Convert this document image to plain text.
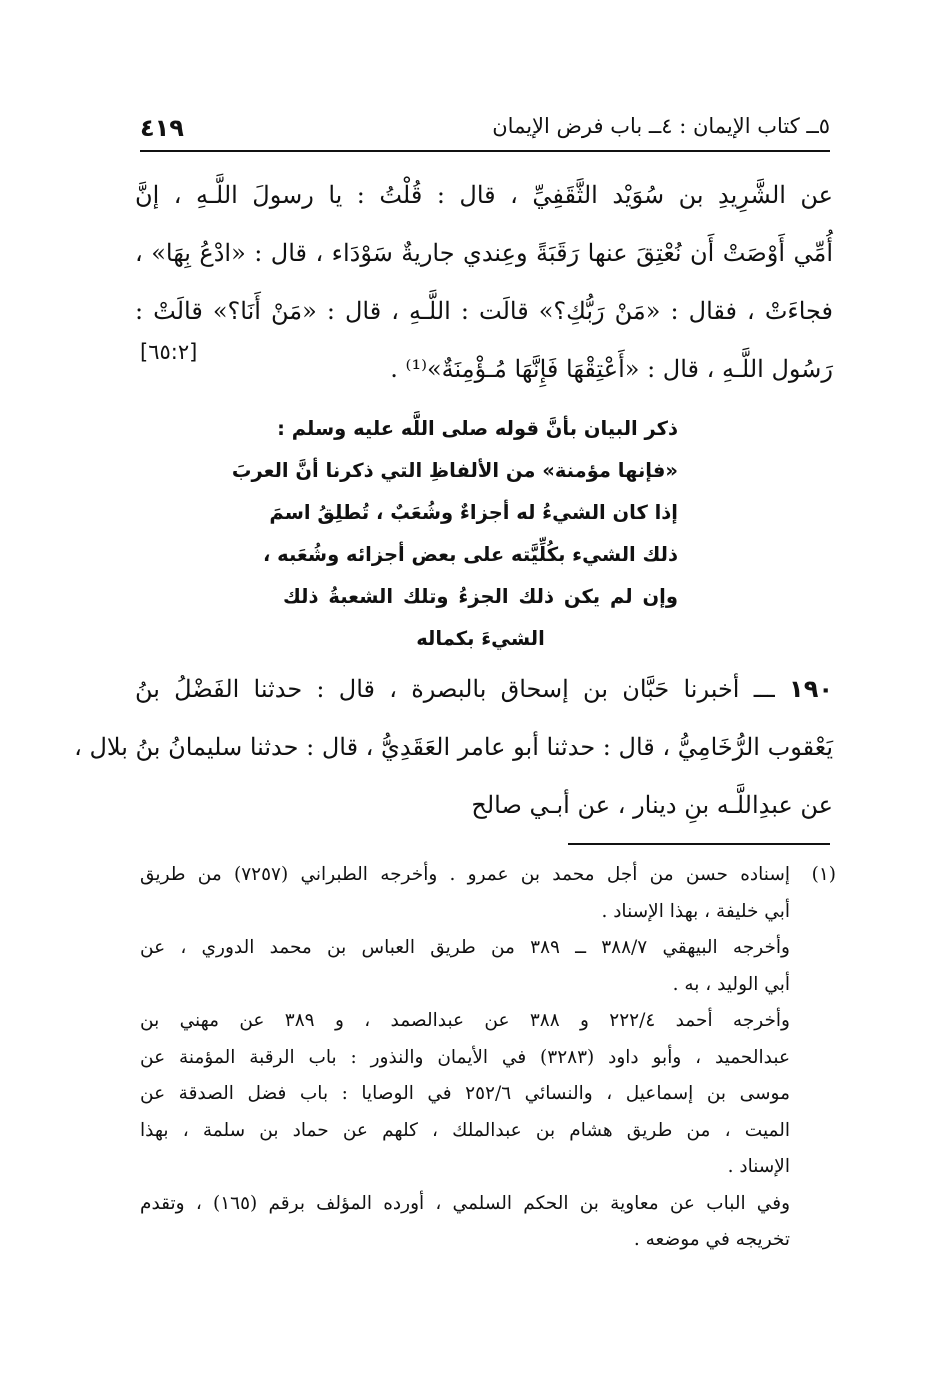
٤١٩	٥ــ كتاب الإيمان : ٤ــ باب فرض الإيمان
عن الشَّرِيدِ بن سُوَيْد الثَّقَفِيِّ ، قال : قُلْتُ : يا رسولَ اللَّـهِ ، إنَّ
أُمِّي أَوْصَتْ أَن نُعْتِقَ عنها رَقَبَةً وعِندي جاريةٌ سَوْدَاء ، قال : «ادْعُ بِهَا» ،
فجاءَتْ ، فقال : «مَنْ رَبُّكِ؟» قالَت : اللَّـهِ ، قال : «مَنْ أَنَا؟» قالَتْ :
رَسُول اللَّـهِ ، قال : «أَعْتِقْهَا فَإِنَّهَا مُـؤْمِنَةٌ»⁽¹⁾ .
[٦٥:٢]
ذكر البيان بأنَّ قوله صلى اللَّه عليه وسلم :
«فإنها مؤمنة» من الألفاظِ التي ذكرنا أنَّ العربَ
إذا كان الشيءُ له أجزاءٌ وشُعَبٌ ، تُطلِقُ اسمَ
ذلك الشيء بكُلِّيَّته على بعض أجزائه وشُعَبه ،
وإن لم يكن ذلك الجزءُ وتلك الشعبةُ ذلك
الشيءَ بكماله
١٩٠ ـــ أخبرنا حَبَّان بن إسحاق بالبصرة ، قال : حدثنا الفَضْلُ بنُ
يَعْقوب الرُّخَامِيُّ ، قال : حدثنا أبو عامر العَقَدِيُّ ، قال : حدثنا سليمانُ بنُ بلال ،
عن عبدِاللَّـه بنِ دينار ، عن أبـي صالح
(١)إسناده حسن من أجل محمد بن عمرو . وأخرجه الطبراني (٧٢٥٧) من طريق
أبي خليفة ، بهذا الإسناد .
وأخرجه البيهقي ٣٨٨/٧ ــ ٣٨٩ من طريق العباس بن محمد الدوري ، عن
أبي الوليد ، به .
وأخرجه أحمد ٢٢٢/٤ و ٣٨٨ عن عبدالصمد ، و ٣٨٩ عن مهني بن
عبدالحميد ، وأبو داود (٣٢٨٣) في الأيمان والنذور : باب الرقبة المؤمنة عن
موسى بن إسماعيل ، والنسائي ٢٥٢/٦ في الوصايا : باب فضل الصدقة عن
الميت ، من طريق هشام بن عبدالملك ، كلهم عن حماد بن سلمة ، بهذا
الإسناد .
وفي الباب عن معاوية بن الحكم السلمي ، أورده المؤلف برقم (١٦٥) ، وتقدم
تخريجه في موضعه .
